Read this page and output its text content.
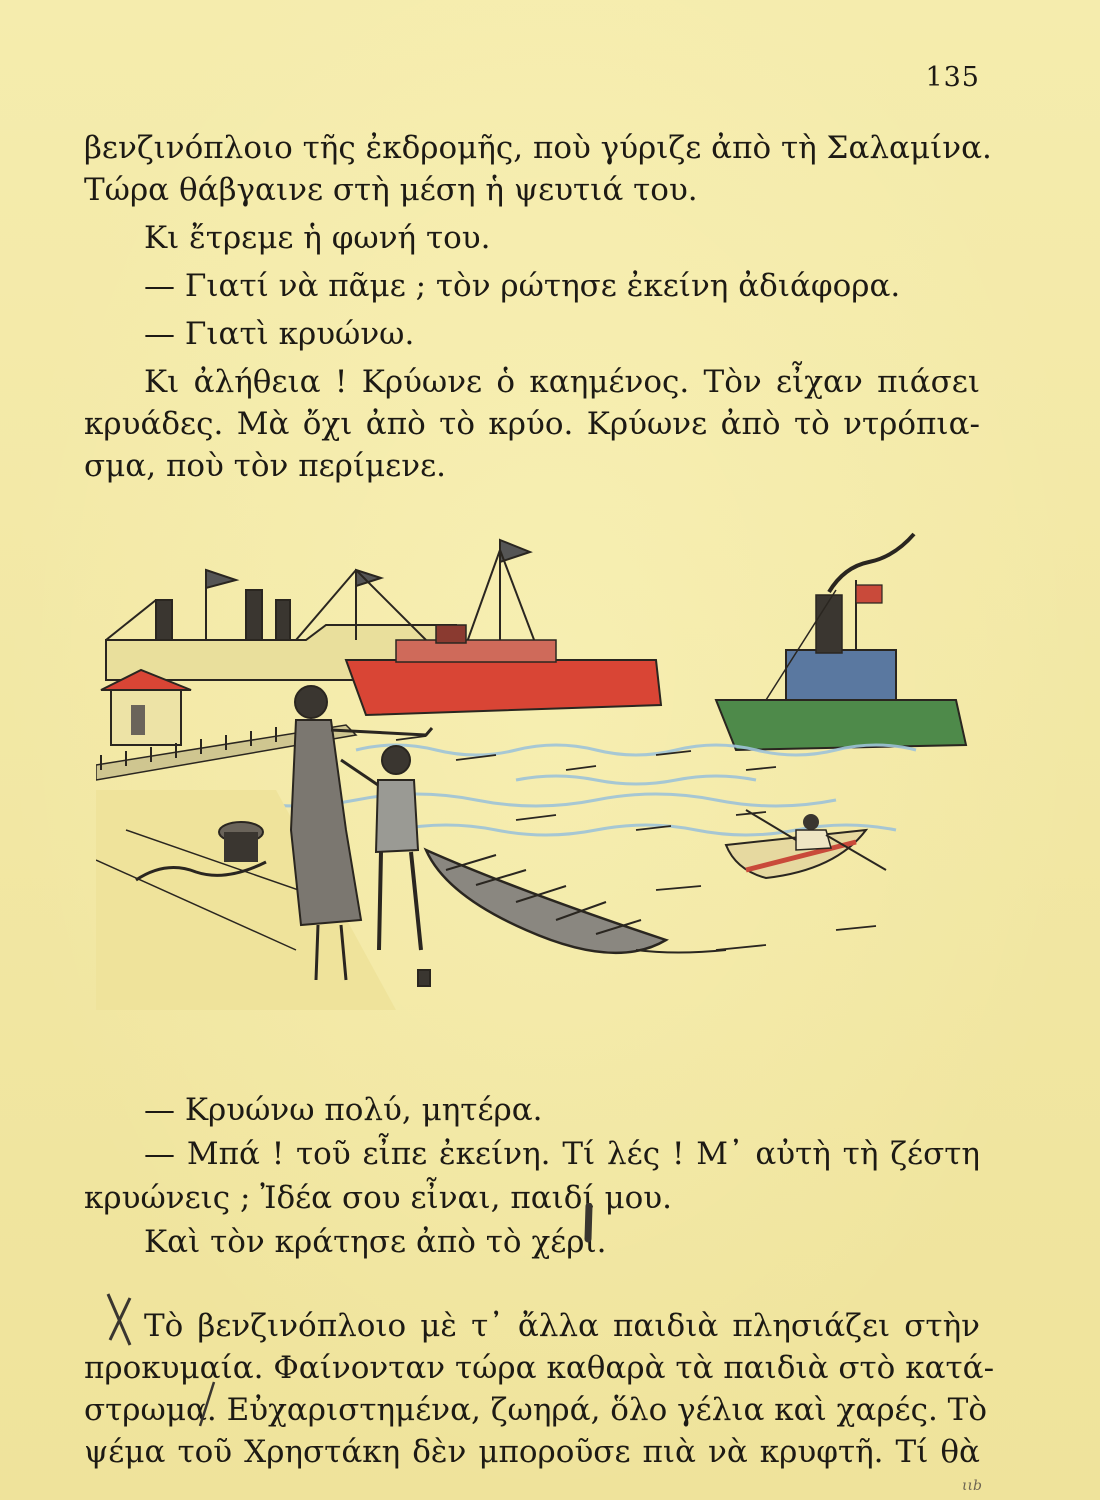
135
βενζινόπλοιο τῆς ἐκδρομῆς, ποὺ γύριζε ἀπὸ τὴ Σαλαμίνα.
Τώρα θάβγαινε στὴ μέση ἡ ψευτιά του.
Κι ἔτρεμε ἡ φωνή του.
— Γιατί νὰ πᾶμε ; τὸν ρώτησε ἐκείνη ἀδιάφορα.
— Γιατὶ κρυώνω.
Κι ἀλήθεια ! Κρύωνε ὁ καημένος. Τὸν εἶχαν πιάσει
κρυάδες. Μὰ ὄχι ἀπὸ τὸ κρύο. Κρύωνε ἀπὸ τὸ ντρόπια-
σμα, ποὺ τὸν περίμενε.
— Κρυώνω πολύ, μητέρα.
— Μπά ! τοῦ εἶπε ἐκείνη. Τί λές ! Μ᾿ αὐτὴ τὴ ζέστη
κρυώνεις ; Ἰδέα σου εἶναι, παιδί μου.
Καὶ τὸν κράτησε ἀπὸ τὸ χέρι.
Τὸ βενζινόπλοιο μὲ τ᾿ ἄλλα παιδιὰ πλησιάζει στὴν
προκυμαία. Φαίνονταν τώρα καθαρὰ τὰ παιδιὰ στὸ κατά-
στρωμα. Εὐχαριστημένα, ζωηρά, ὅλο γέλια καὶ χαρές. Τὸ
ψέμα τοῦ Χρηστάκη δὲν μποροῦσε πιὰ νὰ κρυφτῆ. Τί θὰ
ιιb
